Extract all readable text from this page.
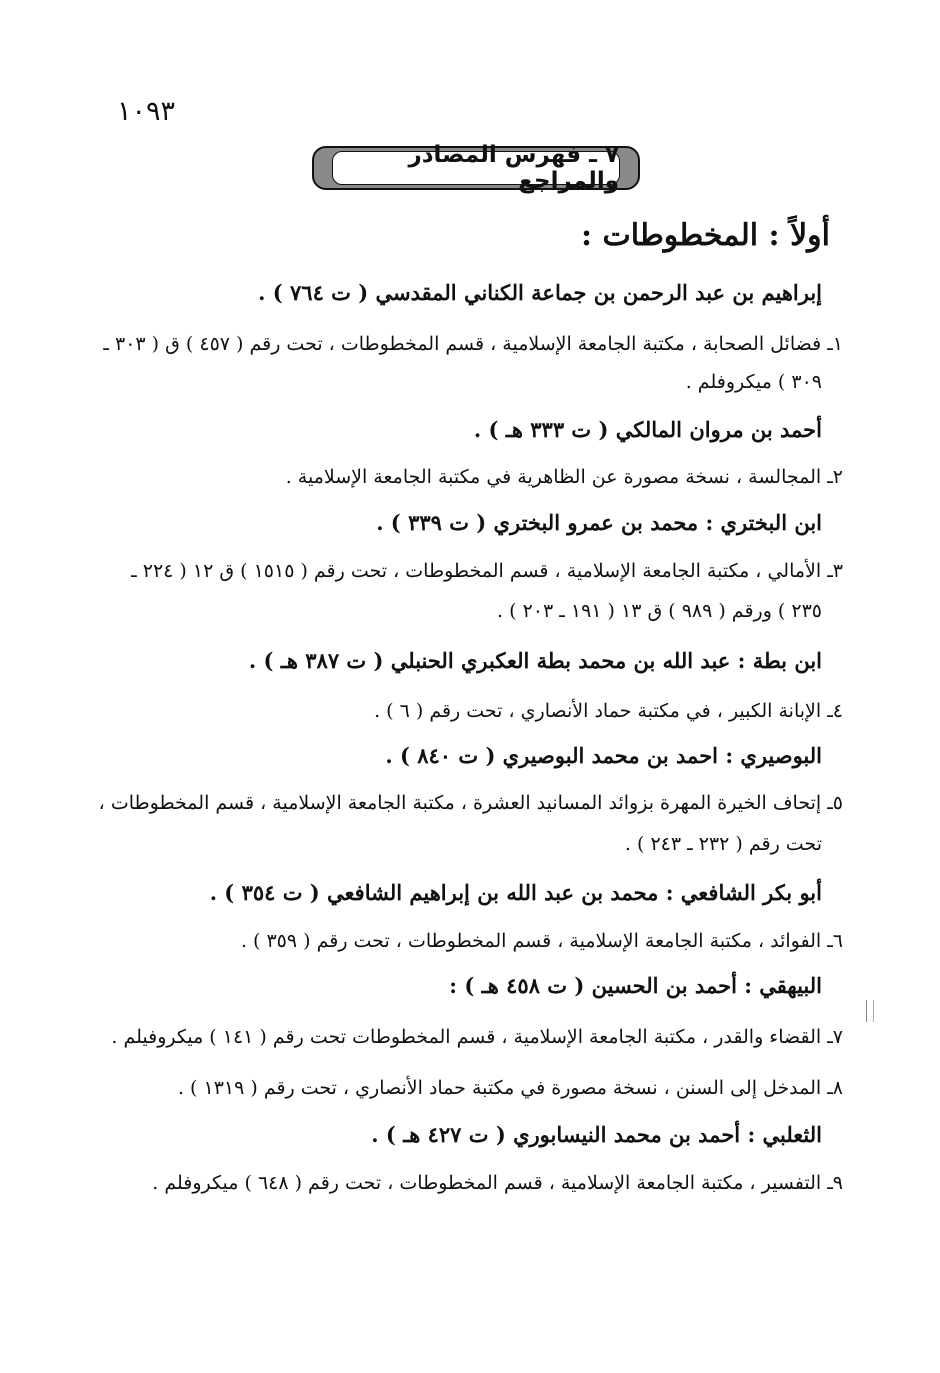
١٠٩٣
٧ ـ فهرس المصادر والمراجع
أولاً : المخطوطات :
إبراهيم بن عبد الرحمن بن جماعة الكناني المقدسي ( ت ٧٦٤ ) .
١ـ فضائل الصحابة ، مكتبة الجامعة الإسلامية ، قسم المخطوطات ، تحت رقم ( ٤٥٧ ) ق ( ٣٠٣ ـ
٣٠٩ ) ميكروفلم .
أحمد بن مروان المالكي ( ت ٣٣٣ هـ ) .
٢ـ المجالسة ، نسخة مصورة عن الظاهرية في مكتبة الجامعة الإسلامية .
ابن البختري : محمد بن عمرو البختري ( ت ٣٣٩ ) .
٣ـ الأمالي ، مكتبة الجامعة الإسلامية ، قسم المخطوطات ، تحت رقم ( ١٥١٥ ) ق ١٢ ( ٢٢٤ ـ
٢٣٥ ) ورقم ( ٩٨٩ ) ق ١٣ ( ١٩١ ـ ٢٠٣ ) .
ابن بطة : عبد الله بن محمد بطة العكبري الحنبلي ( ت ٣٨٧ هـ ) .
٤ـ الإبانة الكبير ، في مكتبة حماد الأنصاري ، تحت رقم ( ٦ ) .
البوصيري : احمد بن محمد البوصيري ( ت ٨٤٠ ) .
٥ـ إتحاف الخيرة المهرة بزوائد المسانيد العشرة ، مكتبة الجامعة الإسلامية ، قسم المخطوطات ،
تحت رقم ( ٢٣٢ ـ ٢٤٣ ) .
أبو بكر الشافعي : محمد بن عبد الله بن إبراهيم الشافعي ( ت ٣٥٤ ) .
٦ـ الفوائد ، مكتبة الجامعة الإسلامية ، قسم المخطوطات ، تحت رقم ( ٣٥٩ ) .
البيهقي : أحمد بن الحسين ( ت ٤٥٨ هـ ) :
٧ـ القضاء والقدر ، مكتبة الجامعة الإسلامية ، قسم المخطوطات تحت رقم ( ١٤١ ) ميكروفيلم .
٨ـ المدخل إلى السنن ، نسخة مصورة في مكتبة حماد الأنصاري ، تحت رقم ( ١٣١٩ ) .
الثعلبي : أحمد بن محمد النيسابوري ( ت ٤٢٧ هـ ) .
٩ـ التفسير ، مكتبة الجامعة الإسلامية ، قسم المخطوطات ، تحت رقم ( ٦٤٨ ) ميكروفلم .
